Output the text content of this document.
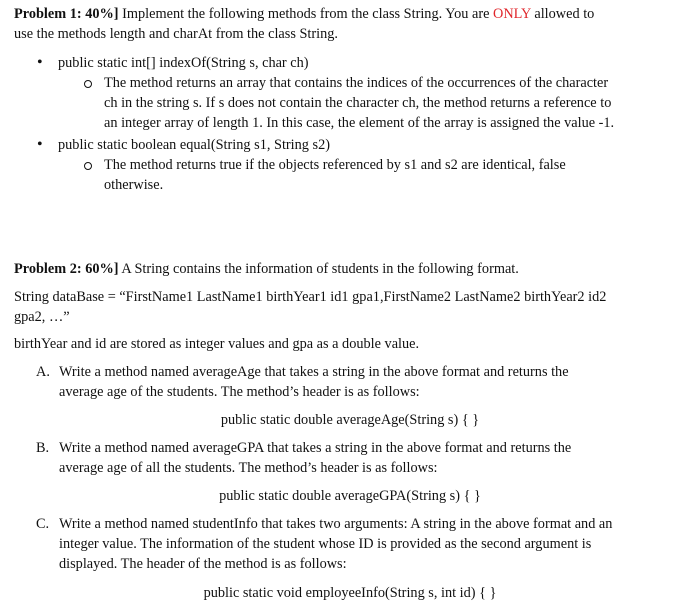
Problem 1: 40%] Implement the following methods from the class String. You are ONLY allowed to
use the methods length and charAt from the class String.
• public static int[] indexOf(String s, char ch)
The method returns an array that contains the indices of the occurrences of the character
ch in the string s. If s does not contain the character ch, the method returns a reference to
an integer array of length 1. In this case, the element of the array is assigned the value -1.
• public static boolean equal(String s1, String s2)
The method returns true if the objects referenced by s1 and s2 are identical, false
otherwise.
Problem 2: 60%] A String contains the information of students in the following format.
String dataBase = “FirstName1 LastName1 birthYear1 id1 gpa1,FirstName2 LastName2 birthYear2 id2
gpa2, …”
birthYear and id are stored as integer values and gpa as a double value.
A. Write a method named averageAge that takes a string in the above format and returns the
average age of the students. The method’s header is as follows:
public static double averageAge(String s) { }
B. Write a method named averageGPA that takes a string in the above format and returns the
average age of all the students. The method’s header is as follows:
public static double averageGPA(String s) { }
C. Write a method named studentInfo that takes two arguments: A string in the above format and an
integer value. The information of the student whose ID is provided as the second argument is
displayed. The header of the method is as follows:
public static void employeeInfo(String s, int id) { }
